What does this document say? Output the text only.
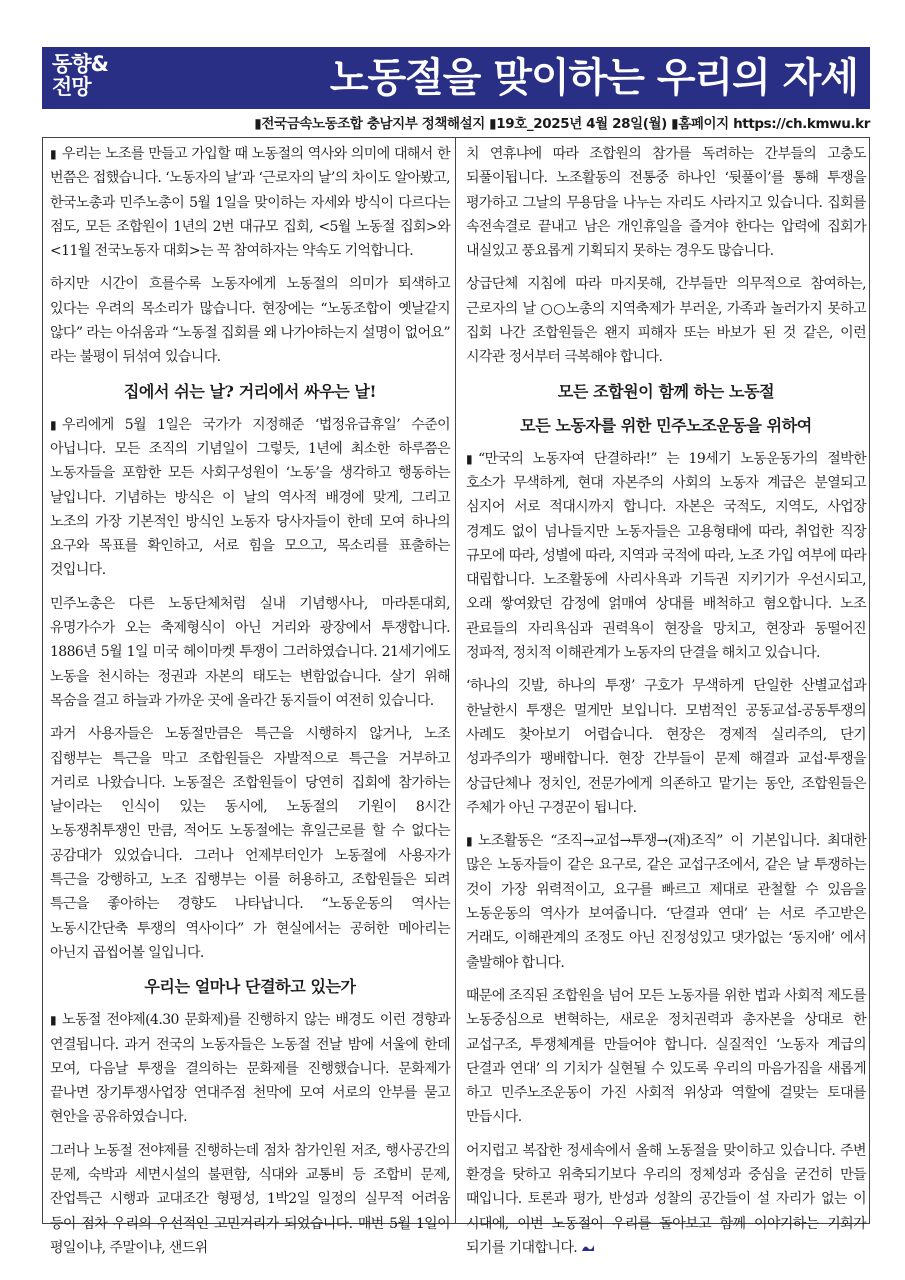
동향&
전망	노동절을 맞이하는 우리의 자세
▮전국금속노동조합 충남지부 정책해설지 ▮19호_2025년 4월 28일(월) ▮홈페이지 https://ch.kmwu.kr

▮ 우리는 노조를 만들고 가입할 때 노동절의 역사와 의미에 대해서 한 번쯤은 접했습니다. ‘노동자의 날’과 ‘근로자의 날’의 차이도 알아봤고, 한국노총과 민주노총이 5월 1일을 맞이하는 자세와 방식이 다르다는 점도, 모든 조합원이 1년의 2번 대규모 집회, <5월 노동절 집회>와 <11월 전국노동자 대회>는 꼭 참여하자는 약속도 기억합니다.

하지만 시간이 흐를수록 노동자에게 노동절의 의미가 퇴색하고 있다는 우려의 목소리가 많습니다. 현장에는 “노동조합이 옛날같지 않다” 라는 아쉬움과 “노동절 집회를 왜 나가야하는지 설명이 없어요” 라는 불평이 뒤섞여 있습니다.

집에서 쉬는 날? 거리에서 싸우는 날!

▮ 우리에게 5월 1일은 국가가 지정해준 ‘법정유급휴일’ 수준이 아닙니다. 모든 조직의 기념일이 그렇듯, 1년에 최소한 하루쯤은 노동자들을 포함한 모든 사회구성원이 ‘노동’을 생각하고 행동하는 날입니다. 기념하는 방식은 이 날의 역사적 배경에 맞게, 그리고 노조의 가장 기본적인 방식인 노동자 당사자들이 한데 모여 하나의 요구와 목표를 확인하고, 서로 힘을 모으고, 목소리를 표출하는 것입니다.

민주노총은 다른 노동단체처럼 실내 기념행사나, 마라톤대회, 유명가수가 오는 축제형식이 아닌 거리와 광장에서 투쟁합니다. 1886년 5월 1일 미국 헤이마켓 투쟁이 그러하였습니다. 21세기에도 노동을 천시하는 정권과 자본의 태도는 변함없습니다. 살기 위해 목숨을 걸고 하늘과 가까운 곳에 올라간 동지들이 여전히 있습니다.

과거 사용자들은 노동절만큼은 특근을 시행하지 않거나, 노조 집행부는 특근을 막고 조합원들은 자발적으로 특근을 거부하고 거리로 나왔습니다. 노동절은 조합원들이 당연히 집회에 참가하는 날이라는 인식이 있는 동시에, 노동절의 기원이 8시간 노동쟁취투쟁인 만큼, 적어도 노동절에는 휴일근로를 할 수 없다는 공감대가 있었습니다. 그러나 언제부터인가 노동절에 사용자가 특근을 강행하고, 노조 집행부는 이를 허용하고, 조합원들은 되려 특근을 좋아하는 경향도 나타납니다. “노동운동의 역사는 노동시간단축 투쟁의 역사이다” 가 현실에서는 공허한 메아리는 아닌지 곱씹어볼 일입니다.

우리는 얼마나 단결하고 있는가

▮ 노동절 전야제(4.30 문화제)를 진행하지 않는 배경도 이런 경향과 연결됩니다. 과거 전국의 노동자들은 노동절 전날 밤에 서울에 한데 모여, 다음날 투쟁을 결의하는 문화제를 진행했습니다. 문화제가 끝나면 장기투쟁사업장 연대주점 천막에 모여 서로의 안부를 묻고 현안을 공유하였습니다.

그러나 노동절 전야제를 진행하는데 점차 참가인원 저조, 행사공간의 문제, 숙박과 세면시설의 불편함, 식대와 교통비 등 조합비 문제, 잔업특근 시행과 교대조간 형평성, 1박2일 일정의 실무적 어려움 등이 점차 우리의 우선적인 고민거리가 되었습니다. 매번 5월 1일이 평일이냐, 주말이냐, 샌드위

치 연휴냐에 따라 조합원의 참가를 독려하는 간부들의 고충도 되풀이됩니다. 노조활동의 전통중 하나인 ‘뒷풀이’를 통해 투쟁을 평가하고 그날의 무용담을 나누는 자리도 사라지고 있습니다. 집회를 속전속결로 끝내고 남은 개인휴일을 즐겨야 한다는 압력에 집회가 내실있고 풍요롭게 기획되지 못하는 경우도 많습니다.

상급단체 지침에 따라 마지못해, 간부들만 의무적으로 참여하는, 근로자의 날 ○○노총의 지역축제가 부러운, 가족과 놀러가지 못하고 집회 나간 조합원들은 왠지 피해자 또는 바보가 된 것 같은, 이런 시각관 정서부터 극복해야 합니다.

모든 조합원이 함께 하는 노동절
모든 노동자를 위한 민주노조운동을 위하여

▮ “만국의 노동자여 단결하라!” 는 19세기 노동운동가의 절박한 호소가 무색하게, 현대 자본주의 사회의 노동자 계급은 분열되고 심지어 서로 적대시까지 합니다. 자본은 국적도, 지역도, 사업장 경계도 없이 넘나들지만 노동자들은 고용형태에 따라, 취업한 직장 규모에 따라, 성별에 따라, 지역과 국적에 따라, 노조 가입 여부에 따라 대립합니다. 노조활동에 사리사욕과 기득권 지키기가 우선시되고, 오래 쌓여왔던 감정에 얽매여 상대를 배척하고 혐오합니다. 노조 관료들의 자리욕심과 권력욕이 현장을 망치고, 현장과 동떨어진 정파적, 정치적 이해관계가 노동자의 단결을 해치고 있습니다.

‘하나의 깃발, 하나의 투쟁’ 구호가 무색하게 단일한 산별교섭과 한날한시 투쟁은 멀게만 보입니다. 모범적인 공동교섭-공동투쟁의 사례도 찾아보기 어렵습니다. 현장은 경제적 실리주의, 단기 성과주의가 팽배합니다. 현장 간부들이 문제 해결과 교섭·투쟁을 상급단체나 정치인, 전문가에게 의존하고 맡기는 동안, 조합원들은 주체가 아닌 구경꾼이 됩니다.

▮ 노조활동은 “조직→교섭→투쟁→(재)조직” 이 기본입니다. 최대한 많은 노동자들이 같은 요구로, 같은 교섭구조에서, 같은 날 투쟁하는 것이 가장 위력적이고, 요구를 빠르고 제대로 관철할 수 있음을 노동운동의 역사가 보여줍니다. ‘단결과 연대’ 는 서로 주고받은 거래도, 이해관계의 조정도 아닌 진정성있고 댓가없는 ‘동지애’ 에서 출발해야 합니다.

때문에 조직된 조합원을 넘어 모든 노동자를 위한 법과 사회적 제도를 노동중심으로 변혁하는, 새로운 정치권력과 총자본을 상대로 한 교섭구조, 투쟁체계를 만들어야 합니다. 실질적인 ‘노동자 계급의 단결과 연대’ 의 기치가 실현될 수 있도록 우리의 마음가짐을 새롭게 하고 민주노조운동이 가진 사회적 위상과 역할에 걸맞는 토대를 만듭시다.

어지럽고 복잡한 정세속에서 올해 노동절을 맞이하고 있습니다. 주변 환경을 탓하고 위축되기보다 우리의 정체성과 중심을 굳건히 만들 때입니다. 토론과 평가, 반성과 성찰의 공간들이 설 자리가 없는 이 시대에, 이번 노동절이 우리를 돌아보고 함께 이야기하는 기회가 되기를 기대합니다.
